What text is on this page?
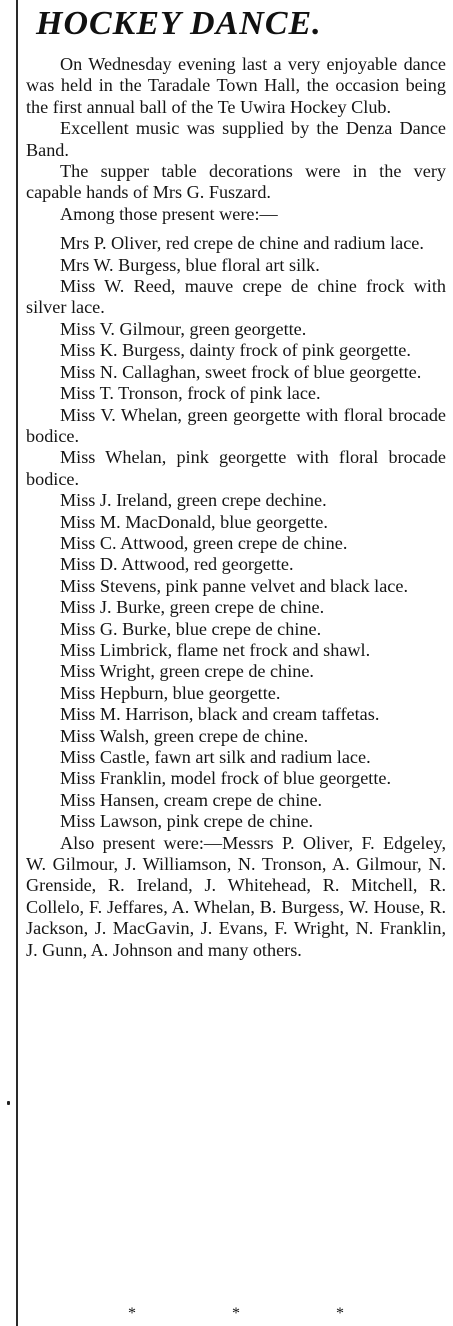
HOCKEY DANCE.

On Wednesday evening last a very enjoyable dance was held in the Taradale Town Hall, the occasion being the first annual ball of the Te Uwira Hockey Club.

Excellent music was supplied by the Denza Dance Band.

The supper table decorations were in the very capable hands of Mrs G. Fuszard.

Among those present were:—

Mrs P. Oliver, red crepe de chine and radium lace.

Mrs W. Burgess, blue floral art silk.

Miss W. Reed, mauve crepe de chine frock with silver lace.

Miss V. Gilmour, green georgette.

Miss K. Burgess, dainty frock of pink georgette.

Miss N. Callaghan, sweet frock of blue georgette.

Miss T. Tronson, frock of pink lace.

Miss V. Whelan, green georgette with floral brocade bodice.

Miss Whelan, pink georgette with floral brocade bodice.

Miss J. Ireland, green crepe dechine.

Miss M. MacDonald, blue georgette.

Miss C. Attwood, green crepe de chine.

Miss D. Attwood, red georgette.

Miss Stevens, pink panne velvet and black lace.

Miss J. Burke, green crepe de chine.

Miss G. Burke, blue crepe de chine.

Miss Limbrick, flame net frock and shawl.

Miss Wright, green crepe de chine.

Miss Hepburn, blue georgette.

Miss M. Harrison, black and cream taffetas.

Miss Walsh, green crepe de chine.

Miss Castle, fawn art silk and radium lace.

Miss Franklin, model frock of blue georgette.

Miss Hansen, cream crepe de chine.

Miss Lawson, pink crepe de chine.

Also present were:—Messrs P. Oliver, F. Edgeley, W. Gilmour, J. Williamson, N. Tronson, A. Gilmour, N. Grenside, R. Ireland, J. Whitehead, R. Mitchell, R. Collelo, F. Jeffares, A. Whelan, B. Burgess, W. House, R. Jackson, J. MacGavin, J. Evans, F. Wright, N. Franklin, J. Gunn, A. Johnson and many others.

*	*	*
